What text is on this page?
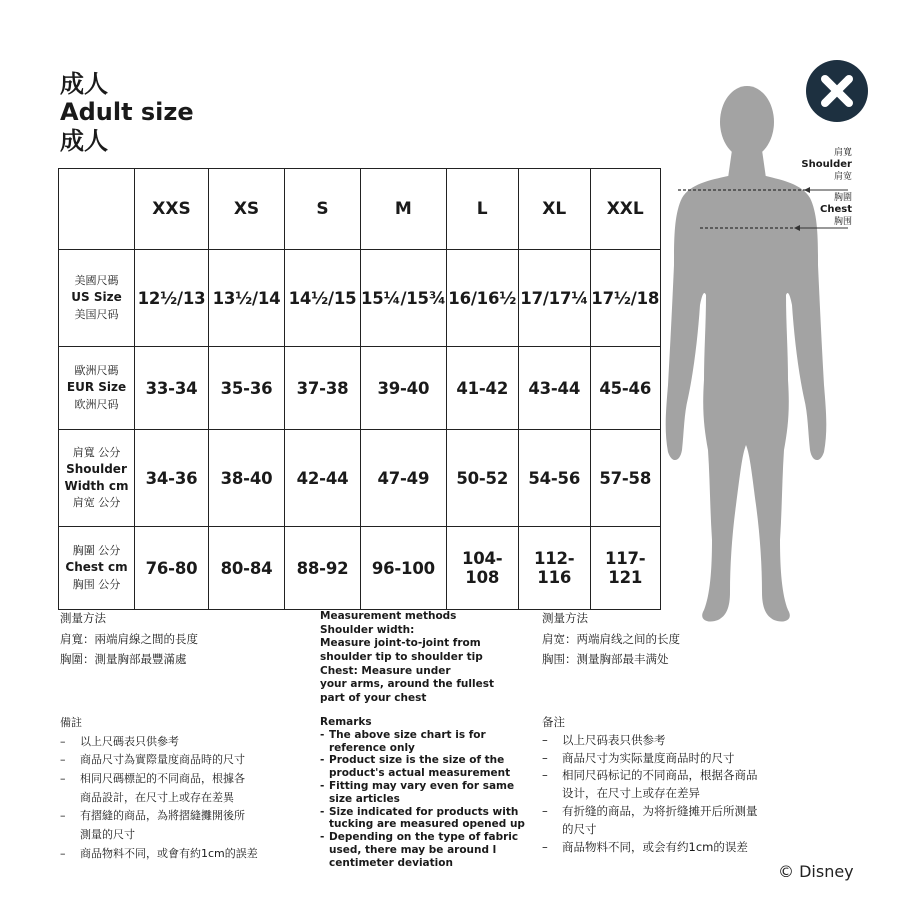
成人
Adult size
成人
	XXS	XS	S	M	L	XL	XXL

美國尺碼
US Size
美国尺码	12½/13	13½/14	14½/15	15¼/15¾	16/16½	17/17¼	17½/18

歐洲尺碼
EUR Size
欧洲尺码	33-34	35-36	37-38	39-40	41-42	43-44	45-46

肩寬 公分
Shoulder
Width cm
肩宽 公分	34-36	38-40	42-44	47-49	50-52	54-56	57-58

胸圍 公分
Chest cm
胸围 公分	76-80	80-84	88-92	96-100	104-108	112-116	117-121
肩寬
Shoulder
肩宽
胸圍
Chest
胸围
測量方法
肩寬：兩端肩線之間的長度
胸圍：測量胸部最豐滿處
Measurement methods
Shoulder width:
Measure joint-to-joint from
shoulder tip to shoulder tip
Chest: Measure under
your arms, around the fullest
part of your chest
测量方法
肩宽：两端肩线之间的长度
胸围：测量胸部最丰满处
備註
– 以上尺碼表只供參考
– 商品尺寸為實際量度商品時的尺寸
– 相同尺碼標記的不同商品，根據各
商品設計，在尺寸上或存在差異
– 有摺縫的商品，為將摺縫攤開後所
測量的尺寸
– 商品物料不同，或會有約1cm的誤差
Remarks
- The above size chart is for
reference only
- Product size is the size of the
product's actual measurement
- Fitting may vary even for same
size articles
- Size indicated for products with
tucking are measured opened up
- Depending on the type of fabric
used, there may be around l
centimeter deviation
备注
– 以上尺码表只供参考
– 商品尺寸为实际量度商品时的尺寸
– 相同尺码标记的不同商品，根据各商品
设计，在尺寸上或存在差异
– 有折缝的商品，为将折缝摊开后所测量
的尺寸
– 商品物料不同，或会有约1cm的误差
© Disney
